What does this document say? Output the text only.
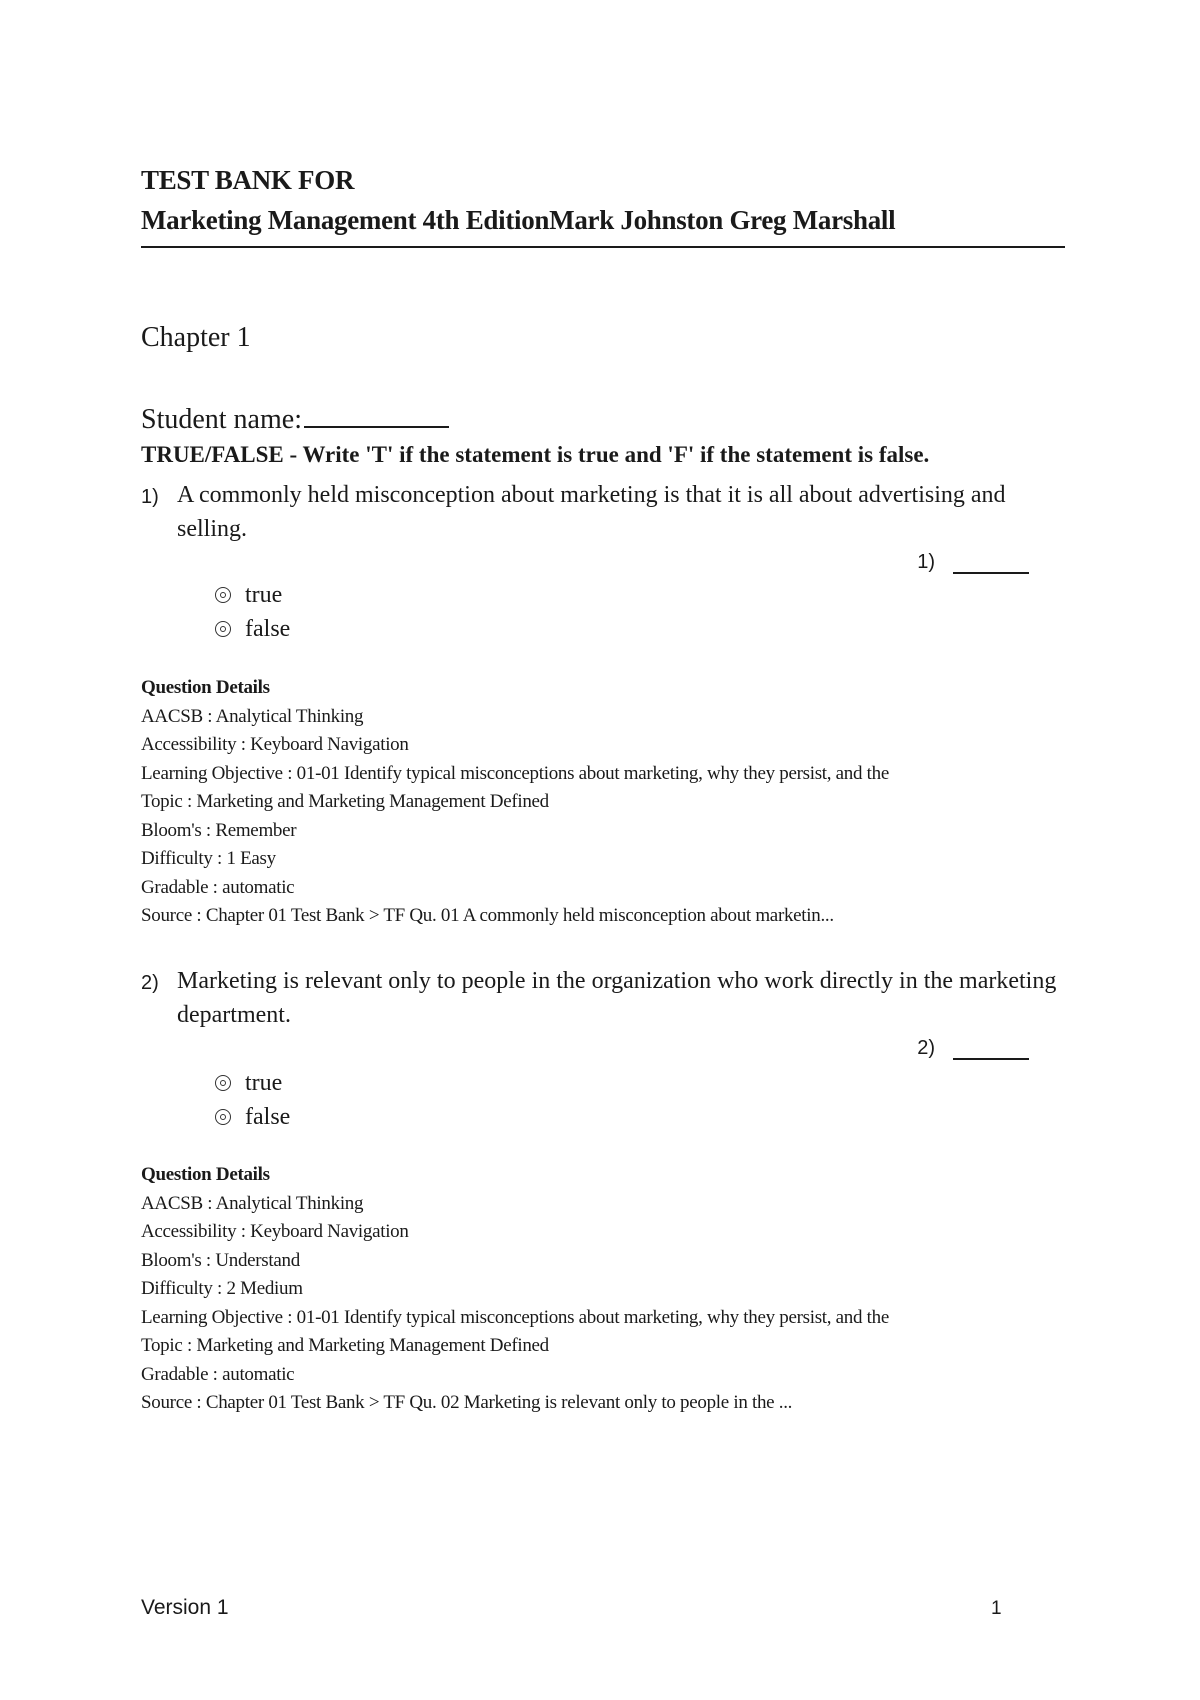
TEST BANK FOR
Marketing Management 4th EditionMark Johnston Greg Marshall
Chapter 1
Student name:
TRUE/FALSE - Write 'T' if the statement is true and 'F' if the statement is false.
1) A commonly held misconception about marketing is that it is all about advertising and selling.
1)
true
false
Question Details
AACSB : Analytical Thinking
Accessibility : Keyboard Navigation
Learning Objective : 01-01 Identify typical misconceptions about marketing, why they persist, and the
Topic : Marketing and Marketing Management Defined
Bloom's : Remember
Difficulty : 1 Easy
Gradable : automatic
Source : Chapter 01 Test Bank > TF Qu. 01 A commonly held misconception about marketin...
2) Marketing is relevant only to people in the organization who work directly in the marketing department.
2)
true
false
Question Details
AACSB : Analytical Thinking
Accessibility : Keyboard Navigation
Bloom's : Understand
Difficulty : 2 Medium
Learning Objective : 01-01 Identify typical misconceptions about marketing, why they persist, and the
Topic : Marketing and Marketing Management Defined
Gradable : automatic
Source : Chapter 01 Test Bank > TF Qu. 02 Marketing is relevant only to people in the ...
Version 1	1
